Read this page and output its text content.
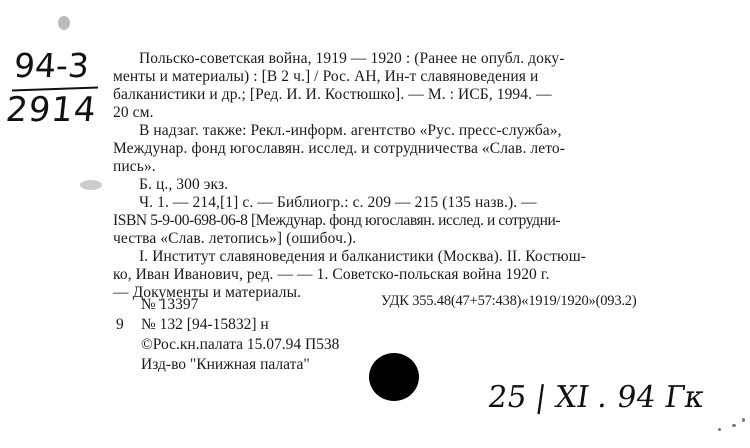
94-3
2914
Польско-советская война, 1919 — 1920 : (Ранее не опубл. доку-
менты и материалы) : [В 2 ч.] / Рос. АН, Ин-т славяноведения и
балканистики и др.; [Ред. И. И. Костюшко]. — М. : ИСБ, 1994. —
20 см.
В надзаг. также: Рекл.-информ. агентство «Рус. пресс-служба»,
Междунар. фонд югославян. исслед. и сотрудничества «Слав. лето-
пись».
Б. ц., 300 экз.
Ч. 1. — 214,[1] с. — Библиогр.: с. 209 — 215 (135 назв.). —
ISBN 5-9-00-698-06-8 [Междунар. фонд югославян. исслед. и сотрудни-
чества «Слав. летопись»] (ошибоч.).
I. Институт славяноведения и балканистики (Москва). II. Костюш-
ко, Иван Иванович, ред. — — 1. Советско-польская война 1920 г.
— Документы и материалы.
№ 13397	УДК 355.48(47+57:438)«1919/1920»(093.2)
9 № 132 [94-15832] н
©Рос.кн.палата 15.07.94 П538
Изд-во "Книжная палата"
25 | XI . 94 Гк
